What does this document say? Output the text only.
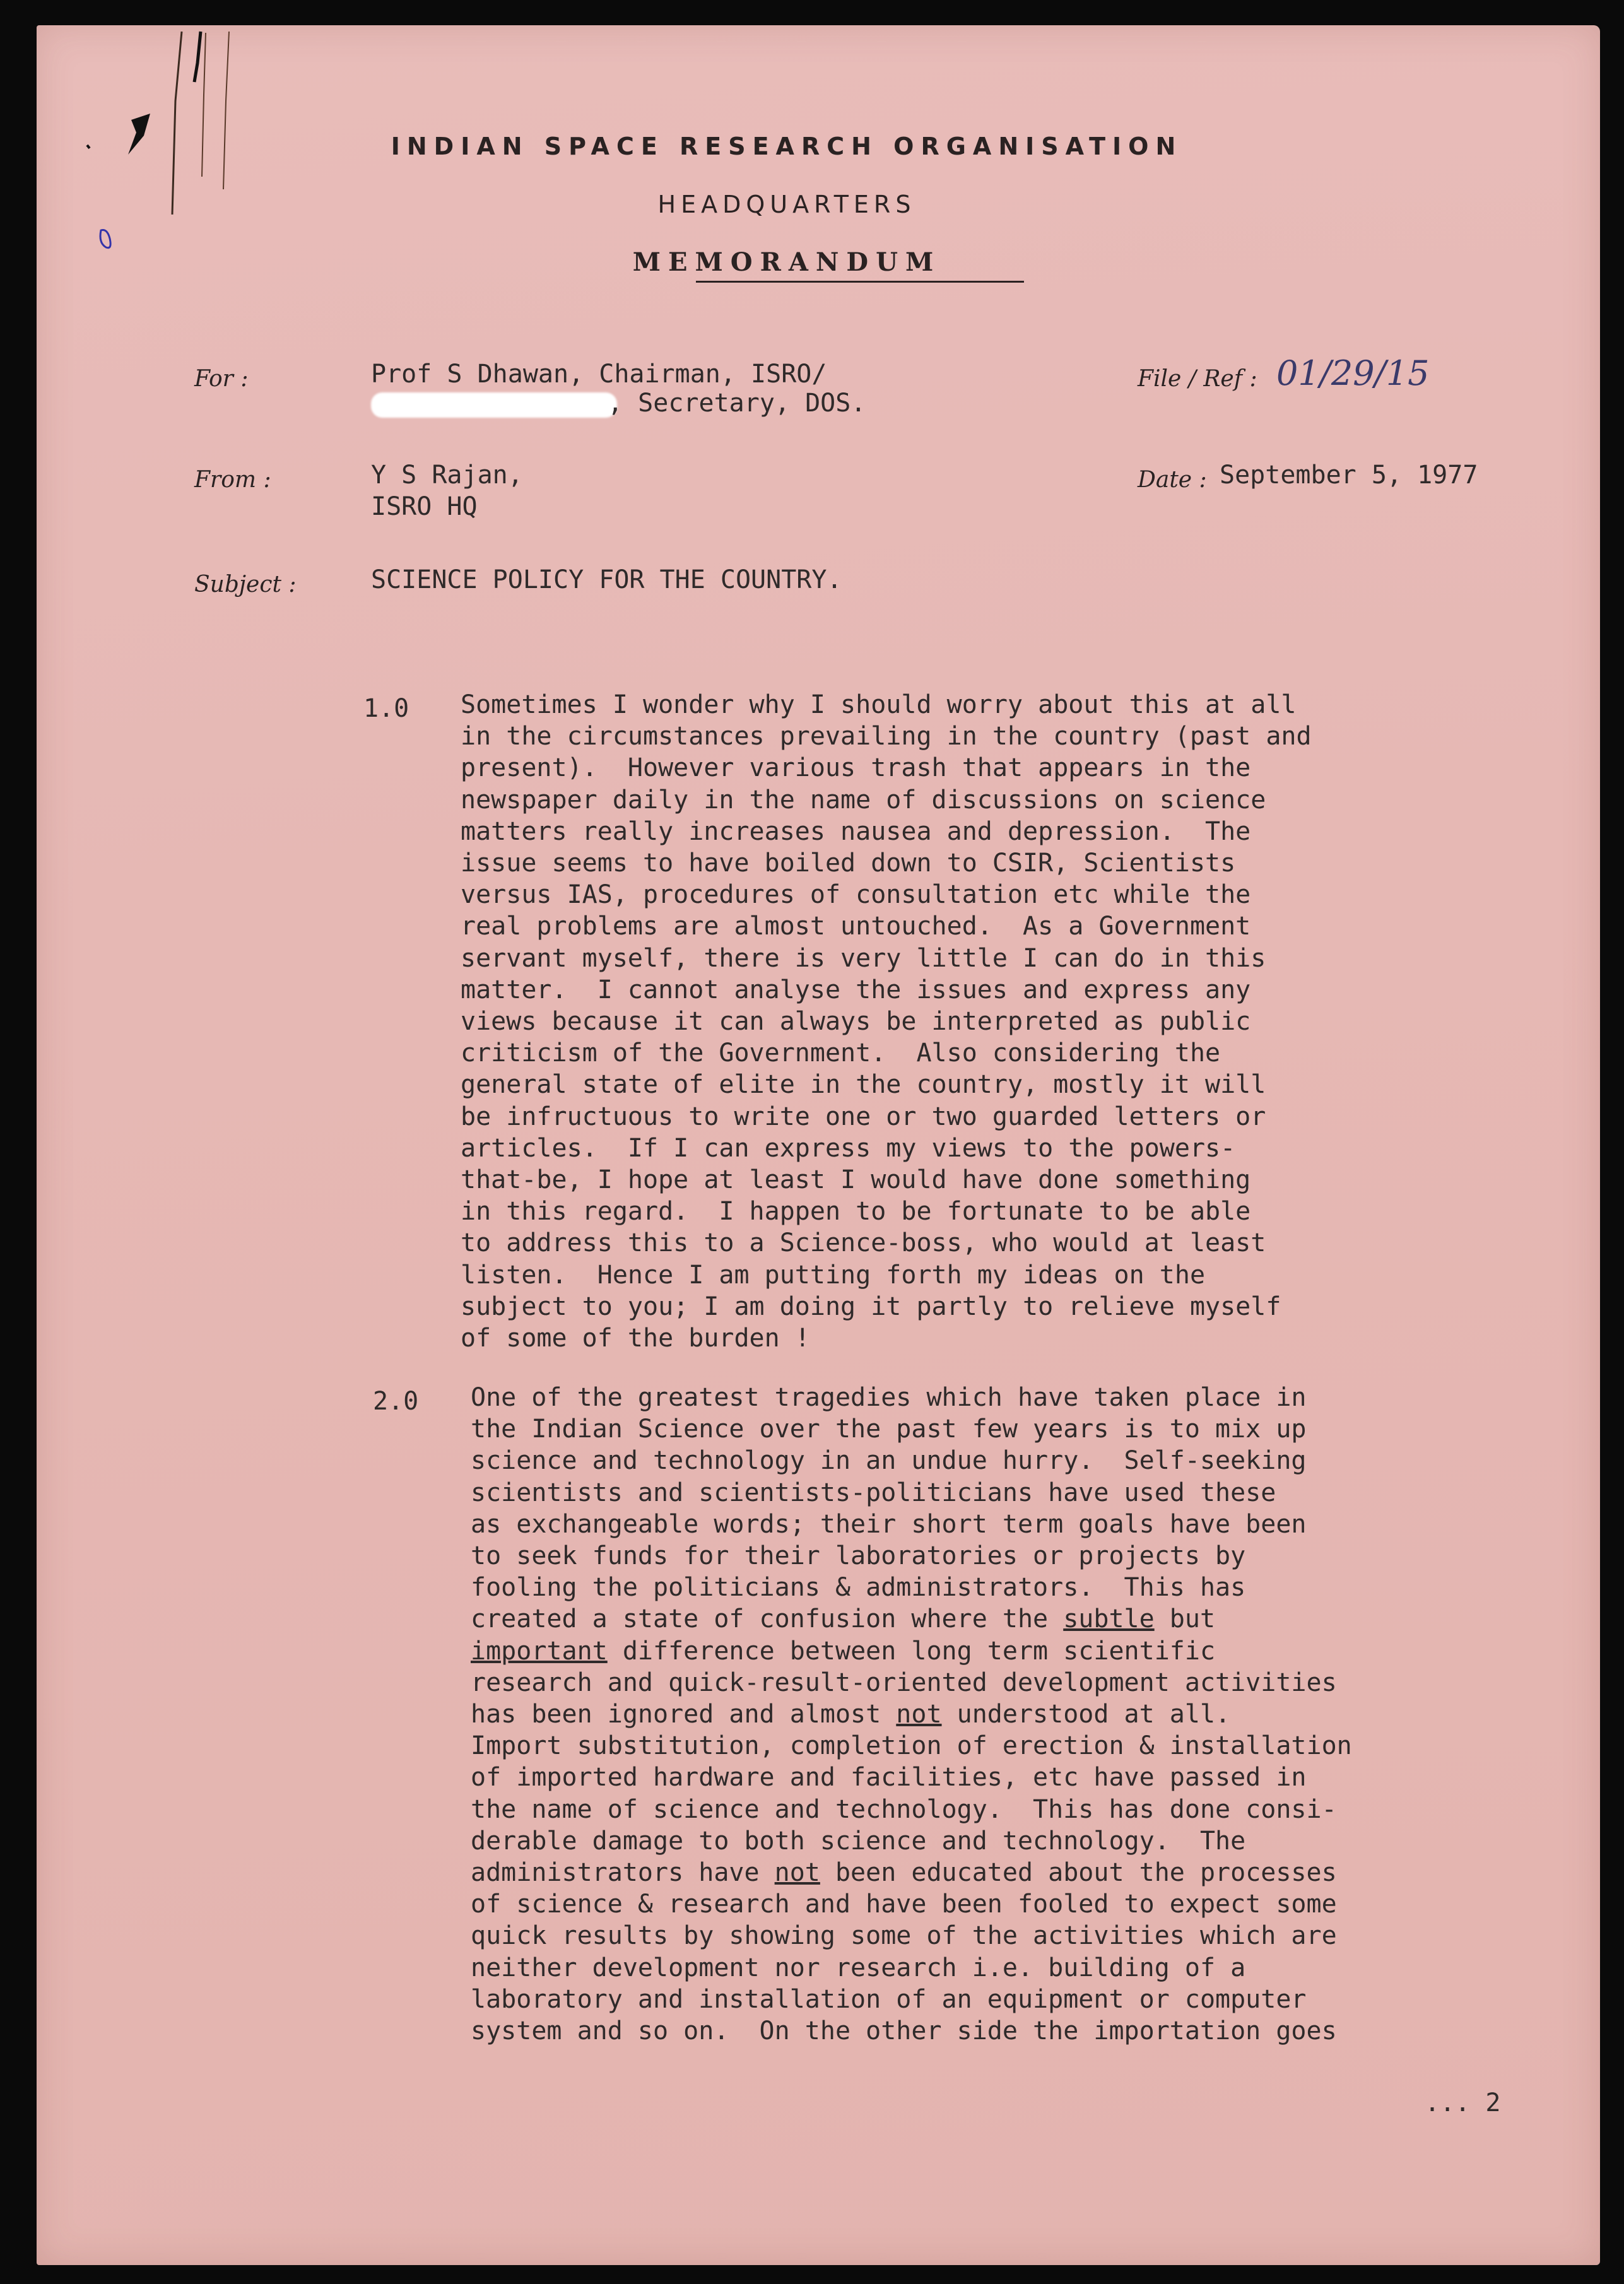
INDIAN SPACE RESEARCH ORGANISATION
HEADQUARTERS
MEMORANDUM
For :	Prof S Dhawan, Chairman, ISRO/
, Secretary, DOS.
File / Ref : 01/29/15
From :	Y S Rajan,
ISRO HQ
Date : September 5, 1977
Subject :	SCIENCE POLICY FOR THE COUNTRY.
1.0 Sometimes I wonder why I should worry about this at all
in the circumstances prevailing in the country (past and
present).  However various trash that appears in the
newspaper daily in the name of discussions on science
matters really increases nausea and depression.  The
issue seems to have boiled down to CSIR, Scientists
versus IAS, procedures of consultation etc while the
real problems are almost untouched.  As a Government
servant myself, there is very little I can do in this
matter.  I cannot analyse the issues and express any
views because it can always be interpreted as public
criticism of the Government.  Also considering the
general state of elite in the country, mostly it will
be infructuous to write one or two guarded letters or
articles.  If I can express my views to the powers-
that-be, I hope at least I would have done something
in this regard.  I happen to be fortunate to be able
to address this to a Science-boss, who would at least
listen.  Hence I am putting forth my ideas on the
subject to you; I am doing it partly to relieve myself
of some of the burden !
2.0 One of the greatest tragedies which have taken place in
the Indian Science over the past few years is to mix up
science and technology in an undue hurry.  Self-seeking
scientists and scientists-politicians have used these
as exchangeable words; their short term goals have been
to seek funds for their laboratories or projects by
fooling the politicians & administrators.  This has
created a state of confusion where the subtle but
important difference between long term scientific
research and quick-result-oriented development activities
has been ignored and almost not understood at all.
Import substitution, completion of erection & installation
of imported hardware and facilities, etc have passed in
the name of science and technology.  This has done consi-
derable damage to both science and technology.  The
administrators have not been educated about the processes
of science & research and have been fooled to expect some
quick results by showing some of the activities which are
neither development nor research i.e. building of a
laboratory and installation of an equipment or computer
system and so on.  On the other side the importation goes
... 2
